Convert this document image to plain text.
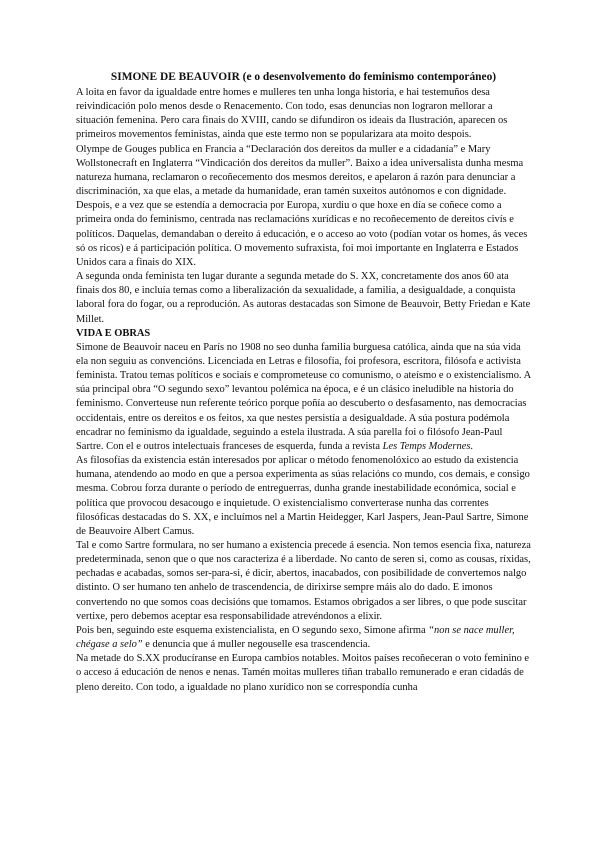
SIMONE DE BEAUVOIR (e o desenvolvemento do feminismo contemporáneo)

A loita en favor da igualdade entre homes e mulleres ten unha longa historia, e hai testemuños desa reivindicación polo menos desde o Renacemento. Con todo, esas denuncias non lograron mellorar a situación femenina. Pero cara finais do XVIII, cando se difundiron os ideais da Ilustración, aparecen os primeiros movementos feministas, ainda que este termo non se popularizara ata moito despois.

Olympe de Gouges publica en Francia a “Declaración dos dereitos da muller e a cidadanía” e Mary Wollstonecraft en Inglaterra “Vindicación dos dereitos da muller”. Baixo a idea universalista dunha mesma natureza humana, reclamaron o recoñecemento dos mesmos dereitos, e apelaron á razón para denunciar a discriminación, xa que elas, a metade da humanidade, eran tamén suxeitos autónomos e con dignidade.

Despois, e a vez que se estendía a democracia por Europa, xurdiu o que hoxe en día se coñece como a primeira onda do feminismo, centrada nas reclamacións xurídicas e no recoñecemento de dereitos civís e políticos. Daquelas, demandaban o dereito á educación, e o acceso ao voto (podían votar os homes, ás veces só os ricos) e á participación política. O movemento sufraxista, foi moi importante en Inglaterra e Estados Unidos cara a finais do XIX.

A segunda onda feminista ten lugar durante a segunda metade do S. XX, concretamente dos anos 60 ata finais dos 80, e incluía temas como a liberalización da sexualidade, a familia, a desigualdade, a conquista laboral fora do fogar, ou a reprodución. As autoras destacadas son Simone de Beauvoir, Betty Friedan e Kate Millet.

VIDA E OBRAS

Simone de Beauvoir naceu en París no 1908 no seo dunha familia burguesa católica, ainda que na súa vida ela non seguiu as convencións. Licenciada en Letras e filosofía, foi profesora, escritora, filósofa e activista feminista. Tratou temas políticos e sociais e comprometeuse co comunismo, o ateísmo e o existencialismo. A súa principal obra “O segundo sexo” levantou polémica na época, e é un clásico ineludible na historia do feminismo. Converteuse nun referente teórico porque poñía ao descuberto o desfasamento, nas democracias occidentais, entre os dereitos e os feitos, xa que nestes persistía a desigualdade. A súa postura podémola encadrar no feminismo da igualdade, seguindo a estela ilustrada. A súa parella foi o filósofo Jean-Paul Sartre. Con el e outros intelectuais franceses de esquerda, funda a revista Les Temps Modernes.

As filosofías da existencia están interesados por aplicar o método fenomenolóxico ao estudo da existencia humana, atendendo ao modo en que a persoa experimenta as súas relacións co mundo, cos demais, e consigo mesma. Cobrou forza durante o período de entreguerras, dunha grande inestabilidade económica, social e política que provocou desacougo e inquietude. O existencialismo converterase nunha das correntes filosóficas destacadas do S. XX, e incluímos nel a Martin Heidegger, Karl Jaspers, Jean-Paul Sartre, Simone de Beauvoire Albert Camus.

Tal e como Sartre formulara, no ser humano a existencia precede á esencia. Non temos esencia fixa, natureza predeterminada, senon que o que nos caracteriza é a liberdade. No canto de seren si, como as cousas, ríxidas, pechadas e acabadas, somos ser-para-si, é dicir, abertos, inacabados, con posibilidade de convertemos nalgo distinto. O ser humano ten anhelo de trascendencia, de dirixirse sempre máis alo do dado. E imonos convertendo no que somos coas decisións que tomamos. Estamos obrigados a ser libres, o que pode suscitar vertixe, pero debemos aceptar esa responsabilidade atrevéndonos a elixir.

Pois ben, seguindo este esquema existencialista, en O segundo sexo, Simone afirma “non se nace muller, chégase a selo” e denuncia que á muller negouselle esa trascendencia.

Na metade do S.XX producíranse en Europa cambios notables. Moitos países recoñeceran o voto feminino e o acceso á educación de nenos e nenas. Tamén moitas mulleres tiñan traballo remunerado e eran cidadás de pleno dereito. Con todo, a igualdade no plano xurídico non se correspondía cunha
